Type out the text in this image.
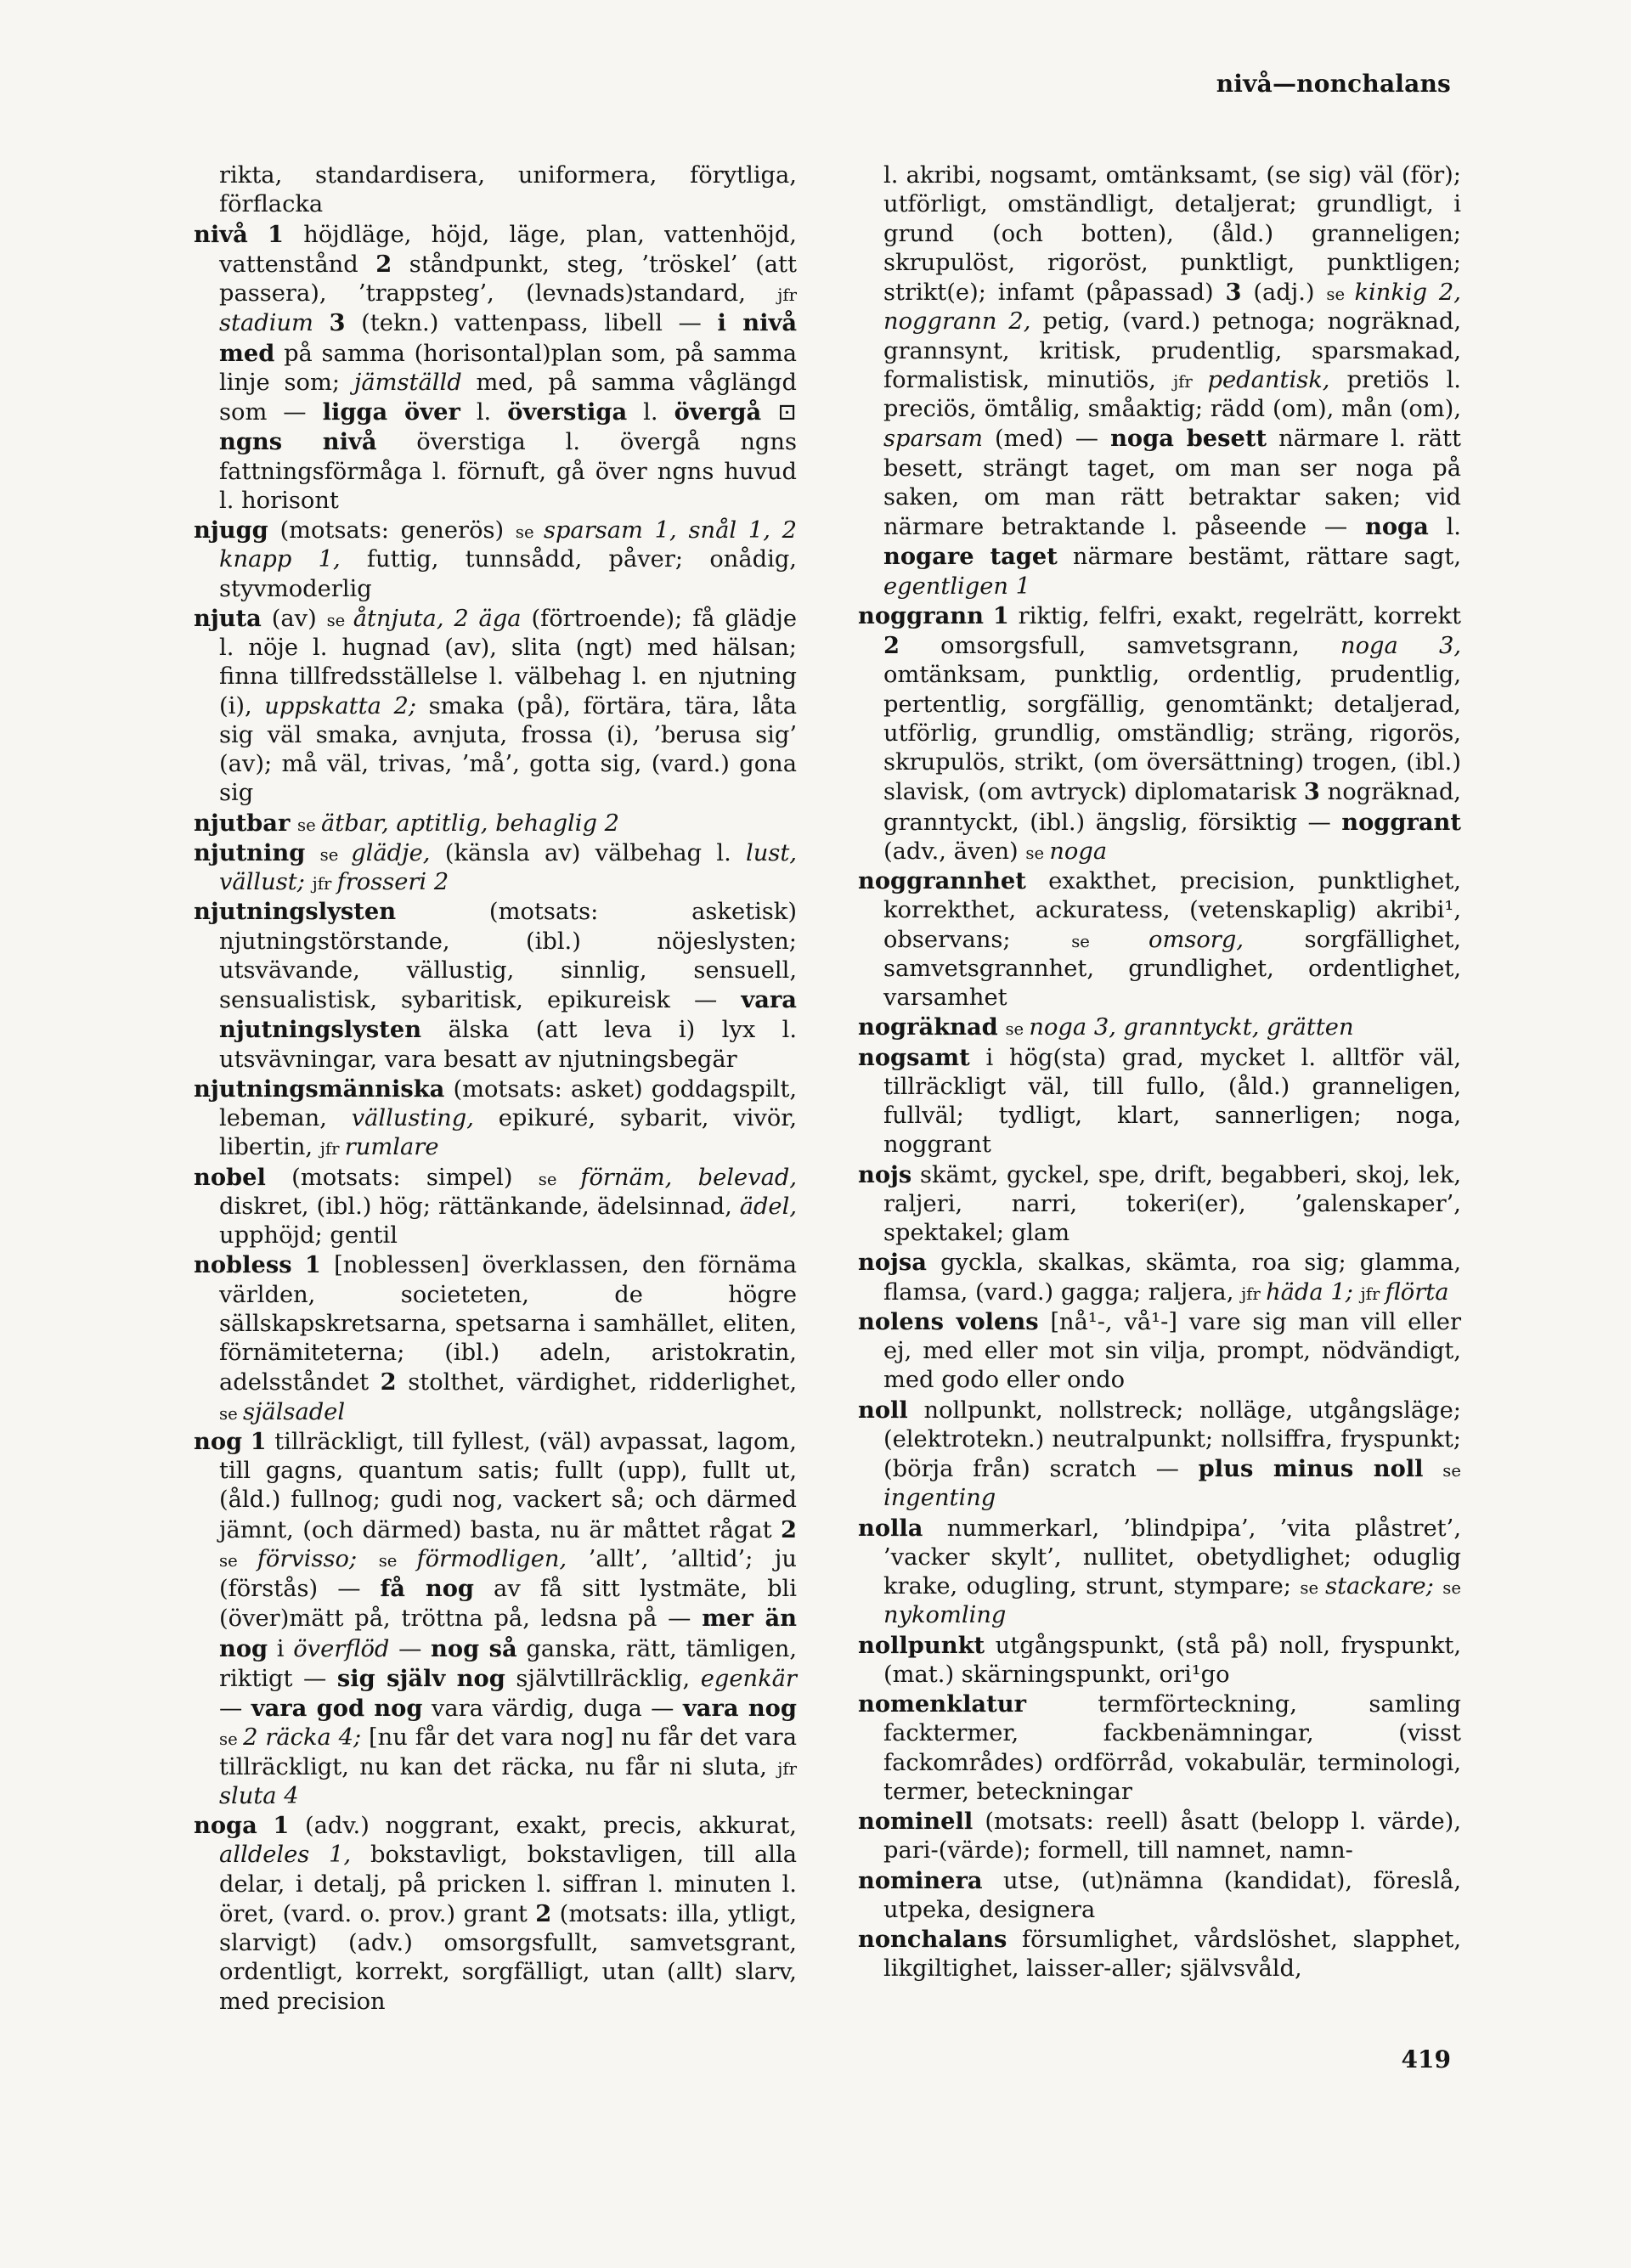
nivå—nonchalans

rikta, standardisera, uniformera, förytliga, förflacka

nivå 1 höjdläge, höjd, läge, plan, vattenhöjd, vattenstånd 2 ståndpunkt, steg, ’tröskel’ (att passera), ’trappsteg’, (levnads)standard, jfr stadium 3 (tekn.) vattenpass, libell — i nivå med på samma (horisontal)plan som, på samma linje som; jämställd med, på samma våglängd som — ligga över l. överstiga l. övergå ⊡ ngns nivå överstiga l. övergå ngns fattningsförmåga l. förnuft, gå över ngns huvud l. horisont

njugg (motsats: generös) se sparsam 1, snål 1, 2 knapp 1, futtig, tunnsådd, påver; onådig, styvmoderlig

njuta (av) se åtnjuta, 2 äga (förtroende); få glädje l. nöje l. hugnad (av), slita (ngt) med hälsan; finna tillfredsställelse l. välbehag l. en njutning (i), uppskatta 2; smaka (på), förtära, tära, låta sig väl smaka, avnjuta, frossa (i), ’berusa sig’ (av); må väl, trivas, ’må’, gotta sig, (vard.) gona sig

njutbar se ätbar, aptitlig, behaglig 2

njutning se glädje, (känsla av) välbehag l. lust, vällust; jfr frosseri 2

njutningslysten (motsats: asketisk) njutningstörstande, (ibl.) nöjeslysten; utsvävande, vällustig, sinnlig, sensuell, sensualistisk, sybaritisk, epikureisk — vara njutningslysten älska (att leva i) lyx l. utsvävningar, vara besatt av njutningsbegär

njutningsmänniska (motsats: asket) goddagspilt, lebeman, vällusting, epikuré, sybarit, vivör, libertin, jfr rumlare

nobel (motsats: simpel) se förnäm, belevad, diskret, (ibl.) hög; rättänkande, ädelsinnad, ädel, upphöjd; gentil

nobless 1 [noblessen] överklassen, den förnäma världen, societeten, de högre sällskapskretsarna, spetsarna i samhället, eliten, förnämiteterna; (ibl.) adeln, aristokratin, adelsståndet 2 stolthet, värdighet, ridderlighet, se själsadel

nog 1 tillräckligt, till fyllest, (väl) avpassat, lagom, till gagns, quantum satis; fullt (upp), fullt ut, (åld.) fullnog; gudi nog, vackert så; och därmed jämnt, (och därmed) basta, nu är måttet rågat 2 se förvisso; se förmodligen, ’allt’, ’alltid’; ju (förstås) — få nog av få sitt lystmäte, bli (över)mätt på, tröttna på, ledsna på — mer än nog i överflöd — nog så ganska, rätt, tämligen, riktigt — sig själv nog självtillräcklig, egenkär — vara god nog vara värdig, duga — vara nog se 2 räcka 4; [nu får det vara nog] nu får det vara tillräckligt, nu kan det räcka, nu får ni sluta, jfr sluta 4

noga 1 (adv.) noggrant, exakt, precis, akkurat, alldeles 1, bokstavligt, bokstavligen, till alla delar, i detalj, på pricken l. siffran l. minuten l. öret, (vard. o. prov.) grant 2 (motsats: illa, ytligt, slarvigt) (adv.) omsorgsfullt, samvetsgrant, ordentligt, korrekt, sorgfälligt, utan (allt) slarv, med precision

l. akribi, nogsamt, omtänksamt, (se sig) väl (för); utförligt, omständligt, detaljerat; grundligt, i grund (och botten), (åld.) granneligen; skrupulöst, rigoröst, punktligt, punktligen; strikt(e); infamt (påpassad) 3 (adj.) se kinkig 2, noggrann 2, petig, (vard.) petnoga; nogräknad, grannsynt, kritisk, prudentlig, sparsmakad, formalistisk, minutiös, jfr pedantisk, pretiös l. preciös, ömtålig, småaktig; rädd (om), mån (om), sparsam (med) — noga besett närmare l. rätt besett, strängt taget, om man ser noga på saken, om man rätt betraktar saken; vid närmare betraktande l. påseende — noga l. nogare taget närmare bestämt, rättare sagt, egentligen 1

noggrann 1 riktig, felfri, exakt, regelrätt, korrekt 2 omsorgsfull, samvetsgrann, noga 3, omtänksam, punktlig, ordentlig, prudentlig, pertentlig, sorgfällig, genomtänkt; detaljerad, utförlig, grundlig, omständlig; sträng, rigorös, skrupulös, strikt, (om översättning) trogen, (ibl.) slavisk, (om avtryck) diplomatarisk 3 nogräknad, granntyckt, (ibl.) ängslig, försiktig — noggrant (adv., även) se noga

noggrannhet exakthet, precision, punktlighet, korrekthet, ackuratess, (vetenskaplig) akribi¹, observans; se omsorg, sorgfällighet, samvetsgrannhet, grundlighet, ordentlighet, varsamhet

nogräknad se noga 3, granntyckt, grätten

nogsamt i hög(sta) grad, mycket l. alltför väl, tillräckligt väl, till fullo, (åld.) granneligen, fullväl; tydligt, klart, sannerligen; noga, noggrant

nojs skämt, gyckel, spe, drift, begabberi, skoj, lek, raljeri, narri, tokeri(er), ’galenskaper’, spektakel; glam

nojsa gyckla, skalkas, skämta, roa sig; glamma, flamsa, (vard.) gagga; raljera, jfr häda 1; jfr flörta

nolens volens [nå¹-, vå¹-] vare sig man vill eller ej, med eller mot sin vilja, prompt, nödvändigt, med godo eller ondo

noll nollpunkt, nollstreck; nolläge, utgångsläge; (elektrotekn.) neutralpunkt; nollsiffra, fryspunkt; (börja från) scratch — plus minus noll se ingenting

nolla nummerkarl, ’blindpipa’, ’vita plåstret’, ’vacker skylt’, nullitet, obetydlighet; oduglig krake, odugling, strunt, stympare; se stackare; se nykomling

nollpunkt utgångspunkt, (stå på) noll, fryspunkt, (mat.) skärningspunkt, ori¹go

nomenklatur termförteckning, samling facktermer, fackbenämningar, (visst fackområdes) ordförråd, vokabulär, terminologi, termer, beteckningar

nominell (motsats: reell) åsatt (belopp l. värde), pari-(värde); formell, till namnet, namn-

nominera utse, (ut)nämna (kandidat), föreslå, utpeka, designera

nonchalans försumlighet, vårdslöshet, slapphet, likgiltighet, laisser-aller; självsvåld,

419
